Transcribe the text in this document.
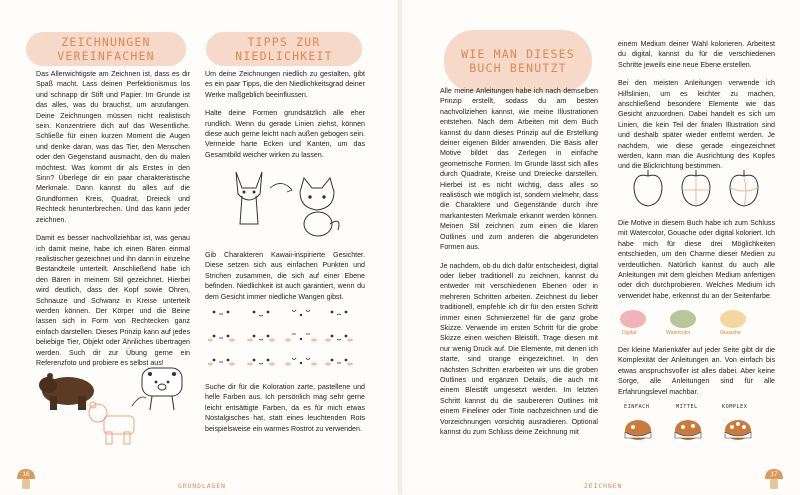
ZEICHNUNGEN VEREINFACHEN
TIPPS ZUR NIEDLICHKEIT

Das Allerwichtigste am Zeichnen ist, dass es dir Spaß macht. Lass deinen Perfektionismus los und schnapp dir Stift und Papier. Im Grunde ist das alles, was du brauchst, um anzufangen. Deine Zeichnungen müssen nicht realistisch sein. Konzentriere dich auf das Wesentliche. Schließe für einen kurzen Moment die Augen und denke daran, was das Tier, den Menschen oder den Gegenstand ausmacht, den du malen möchtest. Was kommt dir als Erstes in den Sinn? Überlege dir ein paar charakteristische Merkmale. Dann kannst du alles auf die Grundformen Kreis, Quadrat, Dreieck und Rechteck herunterbrechen. Und das kann jeder zeichnen.

Damit es besser nachvollziehbar ist, was genau ich damit meine, habe ich einen Bären einmal realistischer gezeichnet und ihn dann in einzelne Bestandteile unterteilt. Anschließend habe ich den Bären in meinem Stil gezeichnet. Hierbei wird deutlich, dass der Kopf sowie Ohren, Schnauze und Schwanz in Kreise unterteilt werden können. Der Körper und die Beine lassen sich in Form von Rechtecken ganz einfach darstellen. Dieses Prinzip kann auf jedes beliebige Tier, Objekt oder Ähnliches übertragen werden. Such dir zur Übung gerne ein Referenzfoto und probiere es selbst aus!

Um deine Zeichnungen niedlich zu gestalten, gibt es ein paar Tipps, die den Niedlichkeitsgrad deiner Werke maßgeblich beeinflussen.

Halte deine Formen grundsätzlich alle eher rundlich. Wenn du gerade Linien ziehst, können diese auch gerne leicht nach außen gebogen sein. Vermeide harte Ecken und Kanten, um das Gesamtbild weicher wirken zu lassen.

Gib Charakteren Kawaii-inspirierte Gesichter. Diese setzen sich aus einfachen Punkten und Strichen zusammen, die sich auf einer Ebene befinden. Niedlichkeit ist auch garantiert, wenn du dem Gesicht immer niedliche Wangen gibst.

Suche dir für die Koloration zarte, pastellene und helle Farben aus. Ich persönlich mag sehr gerne leicht entsättigte Farben, da es für mich etwas Nostalgisches hat, statt eines leuchtenden Rots beispielsweise ein warmes Rostrot zu verwenden.

16
GRUNDLAGEN
WIE MAN DIESES BUCH BENUTZT

Alle meine Anleitungen habe ich nach demselben Prinzip erstellt, sodass du am besten nachvollziehen kannst, wie meine Illustrationen entstehen. Nach dem Arbeiten mit dem Buch kannst du dann dieses Prinzip auf die Erstellung deiner eigenen Bilder anwenden. Die Basis aller Motive bildet das Zerlegen in einfache geometrische Formen. Im Grunde lässt sich alles durch Quadrate, Kreise und Dreiecke darstellen. Hierbei ist es nicht wichtig, dass alles so realistisch wie möglich ist, sondern vielmehr, dass die Charaktere und Gegenstände durch ihre markantesten Merkmale erkannt werden können. Meinen Stil zeichnen zum einen die klaren Outlines und zum anderen die abgerundeten Formen aus.

Je nachdem, ob du dich dafür entscheidest, digital oder lieber traditionell zu zeichnen, kannst du entweder mit verschiedenen Ebenen oder in mehreren Schritten arbeiten. Zeichnest du lieber traditionell, empfehle ich dir für den ersten Schritt immer einen Schmierzettel für die ganz grobe Skizze. Verwende im ersten Schritt für die grobe Skizze einen weichen Bleistift. Trage diesen mit nur wenig Druck auf. Die Elemente, mit denen ich starte, sind orange eingezeichnet. In den nächsten Schritten erarbeiten wir uns die groben Outlines und ergänzen Details, die auch mit einem Bleistift umgesetzt werden. Im letzten Schritt kannst du die saubereren Outlines mit einem Fineliner oder Tinte nachzeichnen und die Vorzeichnungen vorsichtig ausradieren. Optional kannst du zum Schluss deine Zeichnung mit

einem Medium deiner Wahl kolorieren. Arbeitest du digital, kannst du für die verschiedenen Schritte jeweils eine neue Ebene erstellen.

Bei den meisten Anleitungen verwende ich Hilfslinien, um es leichter zu machen, anschließend besondere Elemente wie das Gesicht anzuordnen. Dabei handelt es sich um Linien, die kein Teil der finalen Illustration sind und deshalb später wieder entfernt werden. Je nachdem, wie diese gerade eingezeichnet werden, kann man die Ausrichtung des Kopfes und die Blickrichtung bestimmen.

Die Motive in diesem Buch habe ich zum Schluss mit Watercolor, Gouache oder digital koloriert. Ich habe mich für diese drei Möglichkeiten entschieden, um den Charme dieser Medien zu verdeutlichen. Natürlich kannst du auch alle Anleitungen mit dem gleichen Medium anfertigen oder dich durchprobieren. Welches Medium ich verwendet habe, erkennst du an der Seitenfarbe.

Digital	Watercolor	Gouache

Der kleine Marienkäfer auf jeder Seite gibt dir die Komplexität der Anleitungen an. Von einfach bis etwas anspruchsvoller ist alles dabei. Aber keine Sorge, alle Anleitungen sind für alle Erfahrungslevel machbar.

EINFACH	MITTEL	KOMPLEX
ZEICHNEN
17
